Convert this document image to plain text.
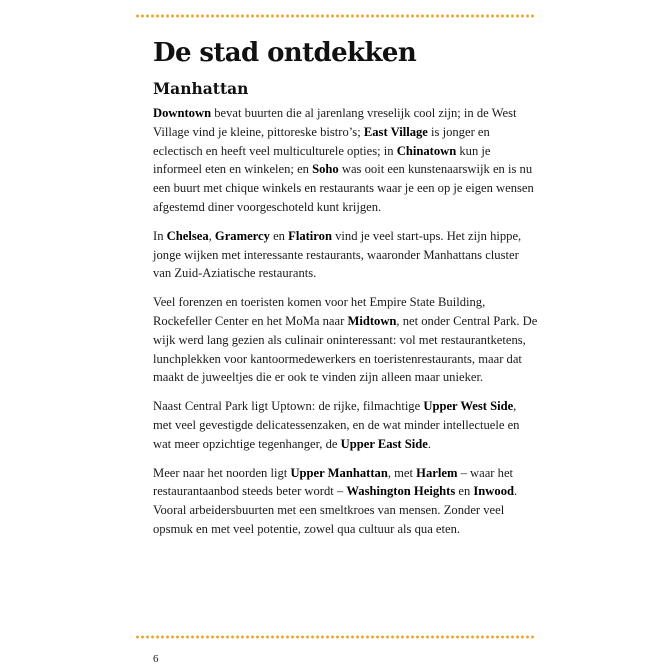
De stad ontdekken
Manhattan

Downtown bevat buurten die al jarenlang vreselijk cool zijn; in de West Village vind je kleine, pittoreske bistro’s; East Village is jonger en eclectisch en heeft veel multiculturele opties; in Chinatown kun je informeel eten en winkelen; en Soho was ooit een kunstenaarswijk en is nu een buurt met chique winkels en restaurants waar je een op je eigen wensen afgestemd diner voorgeschoteld kunt krijgen.

In Chelsea, Gramercy en Flatiron vind je veel start-ups. Het zijn hippe, jonge wijken met interessante restaurants, waaronder Manhattans cluster van Zuid-Aziatische restaurants.

Veel forenzen en toeristen komen voor het Empire State Building, Rockefeller Center en het MoMa naar Midtown, net onder Central Park. De wijk werd lang gezien als culinair oninteressant: vol met restaurantketens, lunchplekken voor kantoormedewerkers en toeristenrestaurants, maar dat maakt de juweeltjes die er ook te vinden zijn alleen maar unieker.

Naast Central Park ligt Uptown: de rijke, filmachtige Upper West Side, met veel gevestigde delicatessenzaken, en de wat minder intellectuele en wat meer opzichtige tegenhanger, de Upper East Side.

Meer naar het noorden ligt Upper Manhattan, met Harlem – waar het restaurantaanbod steeds beter wordt – Washington Heights en Inwood. Vooral arbeidersbuurten met een smeltkroes van mensen. Zonder veel opsmuk en met veel potentie, zowel qua cultuur als qua eten.

6
